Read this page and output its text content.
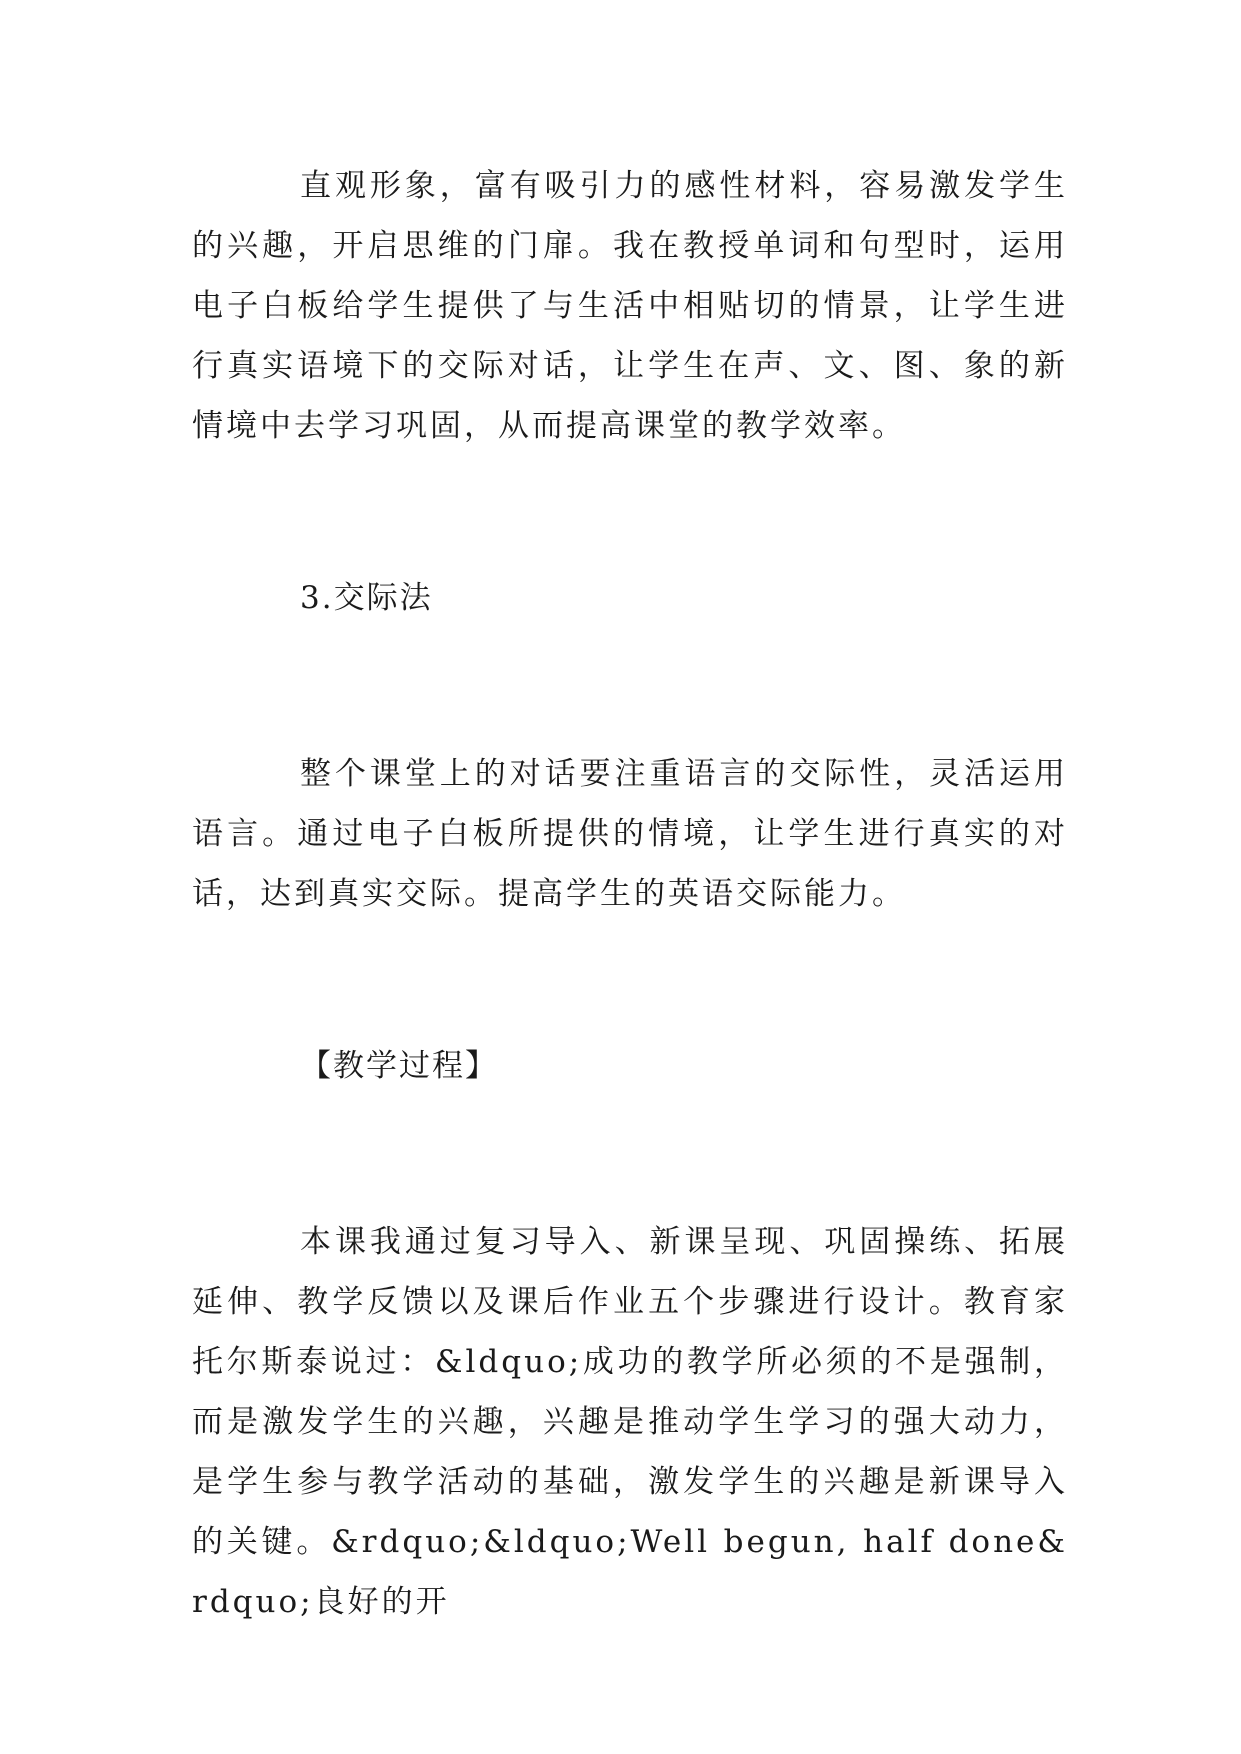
直观形象，富有吸引力的感性材料，容易激发学生的兴趣，开启思维的门扉。我在教授单词和句型时，运用电子白板给学生提供了与生活中相贴切的情景，让学生进行真实语境下的交际对话，让学生在声、文、图、象的新情境中去学习巩固，从而提高课堂的教学效率。

3.交际法

整个课堂上的对话要注重语言的交际性，灵活运用语言。通过电子白板所提供的情境，让学生进行真实的对话，达到真实交际。提高学生的英语交际能力。

【教学过程】

本课我通过复习导入、新课呈现、巩固操练、拓展延伸、教学反馈以及课后作业五个步骤进行设计。教育家托尔斯泰说过：&ldquo;成功的教学所必须的不是强制，而是激发学生的兴趣，兴趣是推动学生学习的强大动力，是学生参与教学活动的基础，激发学生的兴趣是新课导入的关键。&rdquo;&ldquo;Well begun, half done&rdquo;良好的开
